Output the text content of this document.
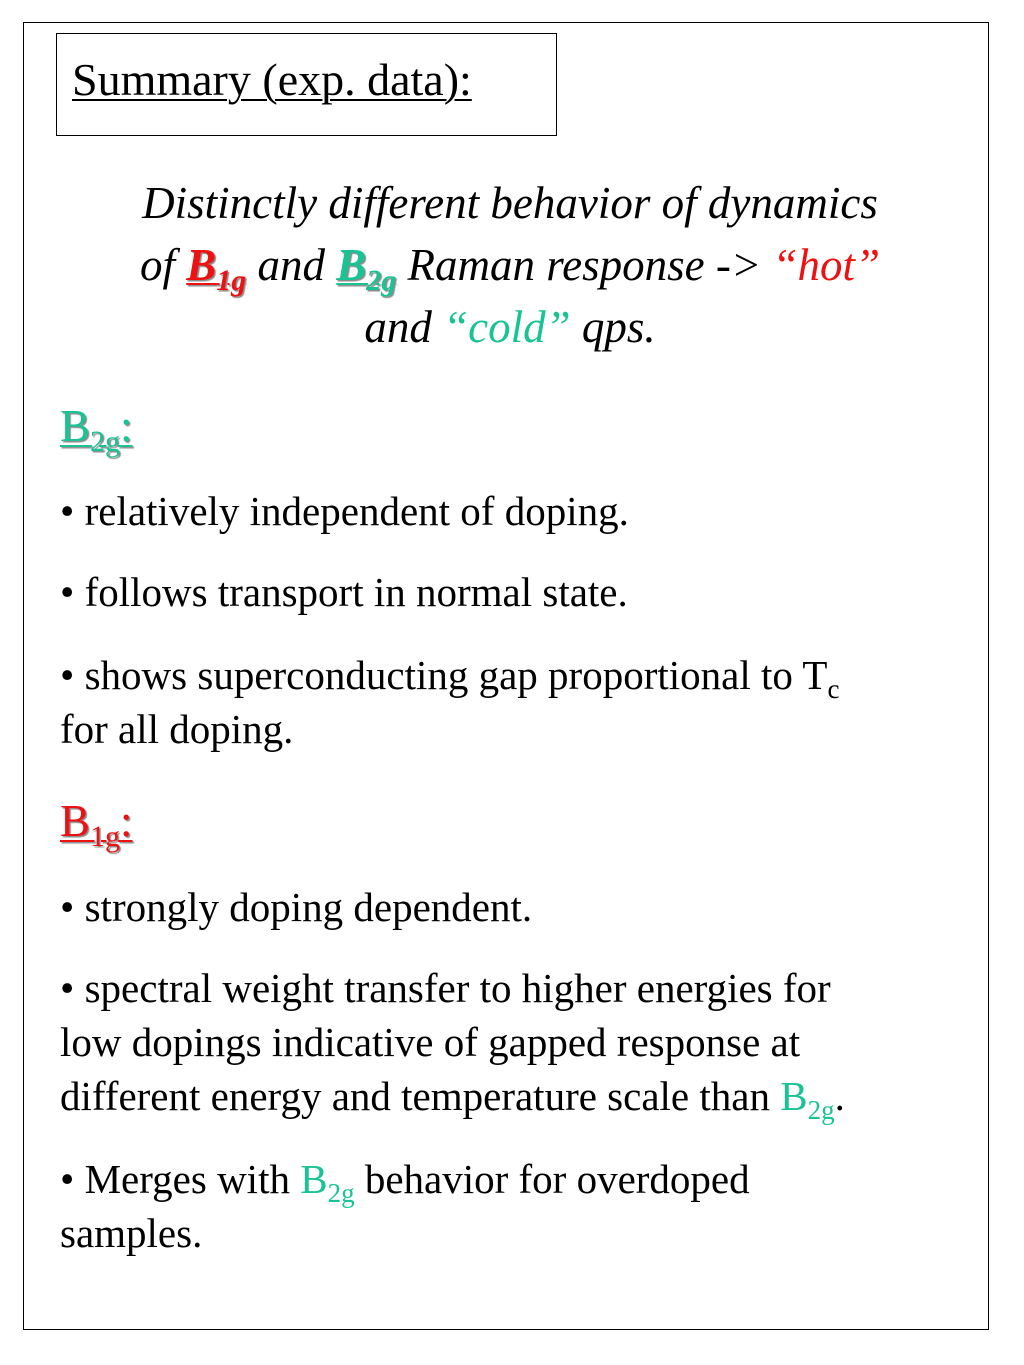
Summary (exp. data):
Distinctly different behavior of dynamics
of $B_{1g}$ and $B_{2g}$ Raman response -> “hot”
and “cold” qps.
$B_{2g}$:
• relatively independent of doping.
• follows transport in normal state.
• shows superconducting gap proportional to $T_c$
for all doping.
$B_{1g}$:
• strongly doping dependent.
• spectral weight transfer to higher energies for
low dopings indicative of gapped response at
different energy and temperature scale than $B_{2g}$.
• Merges with $B_{2g}$ behavior for overdoped
samples.
